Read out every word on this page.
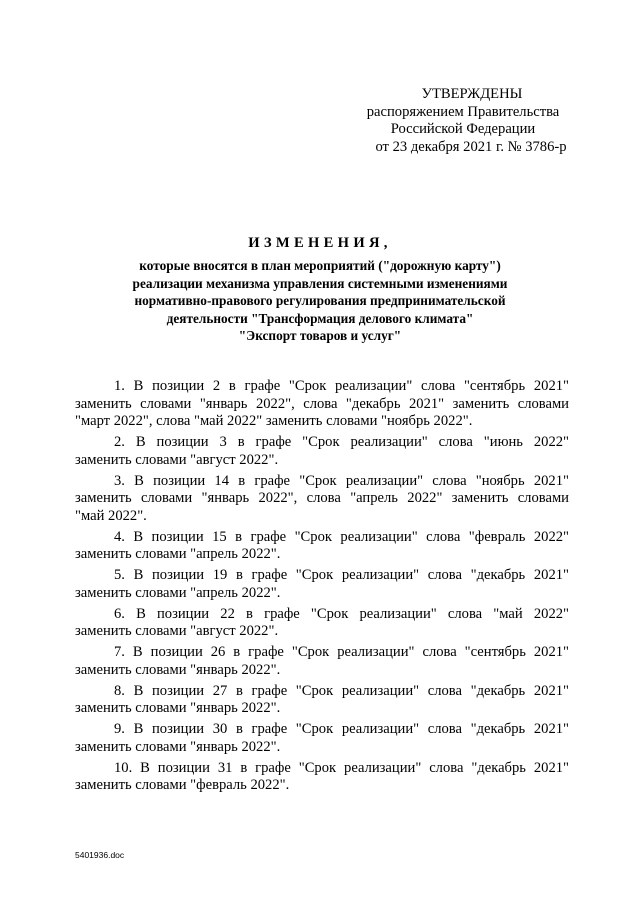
УТВЕРЖДЕНЫ
распоряжением Правительства
Российской Федерации
от 23 декабря 2021 г. № 3786-р
ИЗМЕНЕНИЯ,
которые вносятся в план мероприятий ("дорожную карту")
реализации механизма управления системными изменениями
нормативно-правового регулирования предпринимательской
деятельности "Трансформация делового климата"
"Экспорт товаров и услуг"

1. В позиции 2 в графе "Срок реализации" слова "сентябрь 2021"
заменить словами "январь 2022", слова "декабрь 2021" заменить словами
"март 2022", слова "май 2022" заменить словами "ноябрь 2022".

2. В позиции 3 в графе "Срок реализации" слова "июнь 2022"
заменить словами "август 2022".

3. В позиции 14 в графе "Срок реализации" слова "ноябрь 2021"
заменить словами "январь 2022", слова "апрель 2022" заменить словами
"май 2022".

4. В позиции 15 в графе "Срок реализации" слова "февраль 2022"
заменить словами "апрель 2022".

5. В позиции 19 в графе "Срок реализации" слова "декабрь 2021"
заменить словами "апрель 2022".

6. В позиции 22 в графе "Срок реализации" слова "май 2022"
заменить словами "август 2022".

7. В позиции 26 в графе "Срок реализации" слова "сентябрь 2021"
заменить словами "январь 2022".

8. В позиции 27 в графе "Срок реализации" слова "декабрь 2021"
заменить словами "январь 2022".

9. В позиции 30 в графе "Срок реализации" слова "декабрь 2021"
заменить словами "январь 2022".

10. В позиции 31 в графе "Срок реализации" слова "декабрь 2021"
заменить словами "февраль 2022".

5401936.doc
